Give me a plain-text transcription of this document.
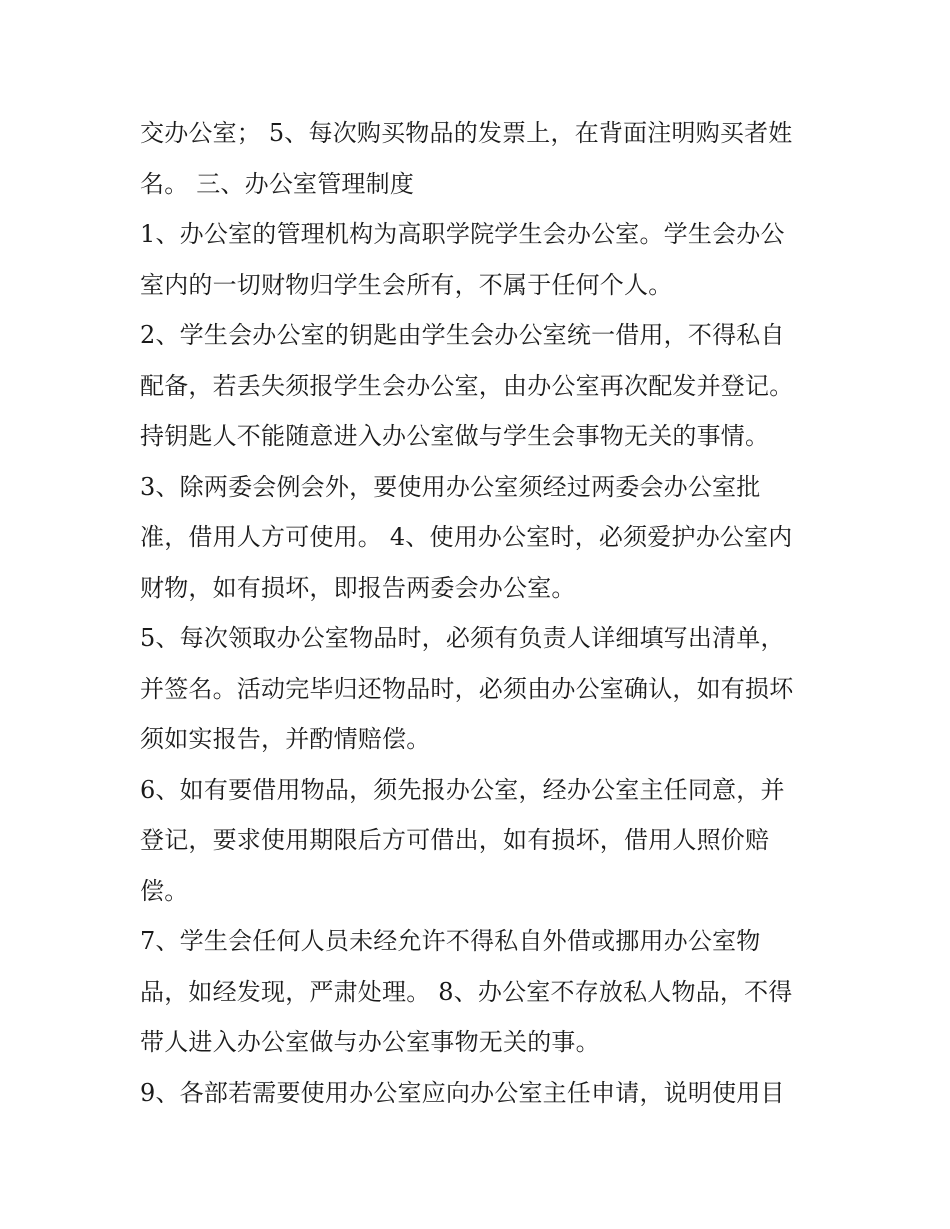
交办公室； 5、每次购买物品的发票上，在背面注明购买者姓
名。 三、办公室管理制度

1、办公室的管理机构为高职学院学生会办公室。学生会办公
室内的一切财物归学生会所有，不属于任何个人。

2、学生会办公室的钥匙由学生会办公室统一借用，不得私自
配备，若丢失须报学生会办公室，由办公室再次配发并登记。
持钥匙人不能随意进入办公室做与学生会事物无关的事情。

3、除两委会例会外，要使用办公室须经过两委会办公室批
准，借用人方可使用。 4、使用办公室时，必须爱护办公室内
财物，如有损坏，即报告两委会办公室。

5、每次领取办公室物品时，必须有负责人详细填写出清单，
并签名。活动完毕归还物品时，必须由办公室确认，如有损坏
须如实报告，并酌情赔偿。

6、如有要借用物品，须先报办公室，经办公室主任同意，并
登记，要求使用期限后方可借出，如有损坏，借用人照价赔
偿。

7、学生会任何人员未经允许不得私自外借或挪用办公室物
品，如经发现，严肃处理。 8、办公室不存放私人物品，不得
带人进入办公室做与办公室事物无关的事。

9、各部若需要使用办公室应向办公室主任申请，说明使用目
